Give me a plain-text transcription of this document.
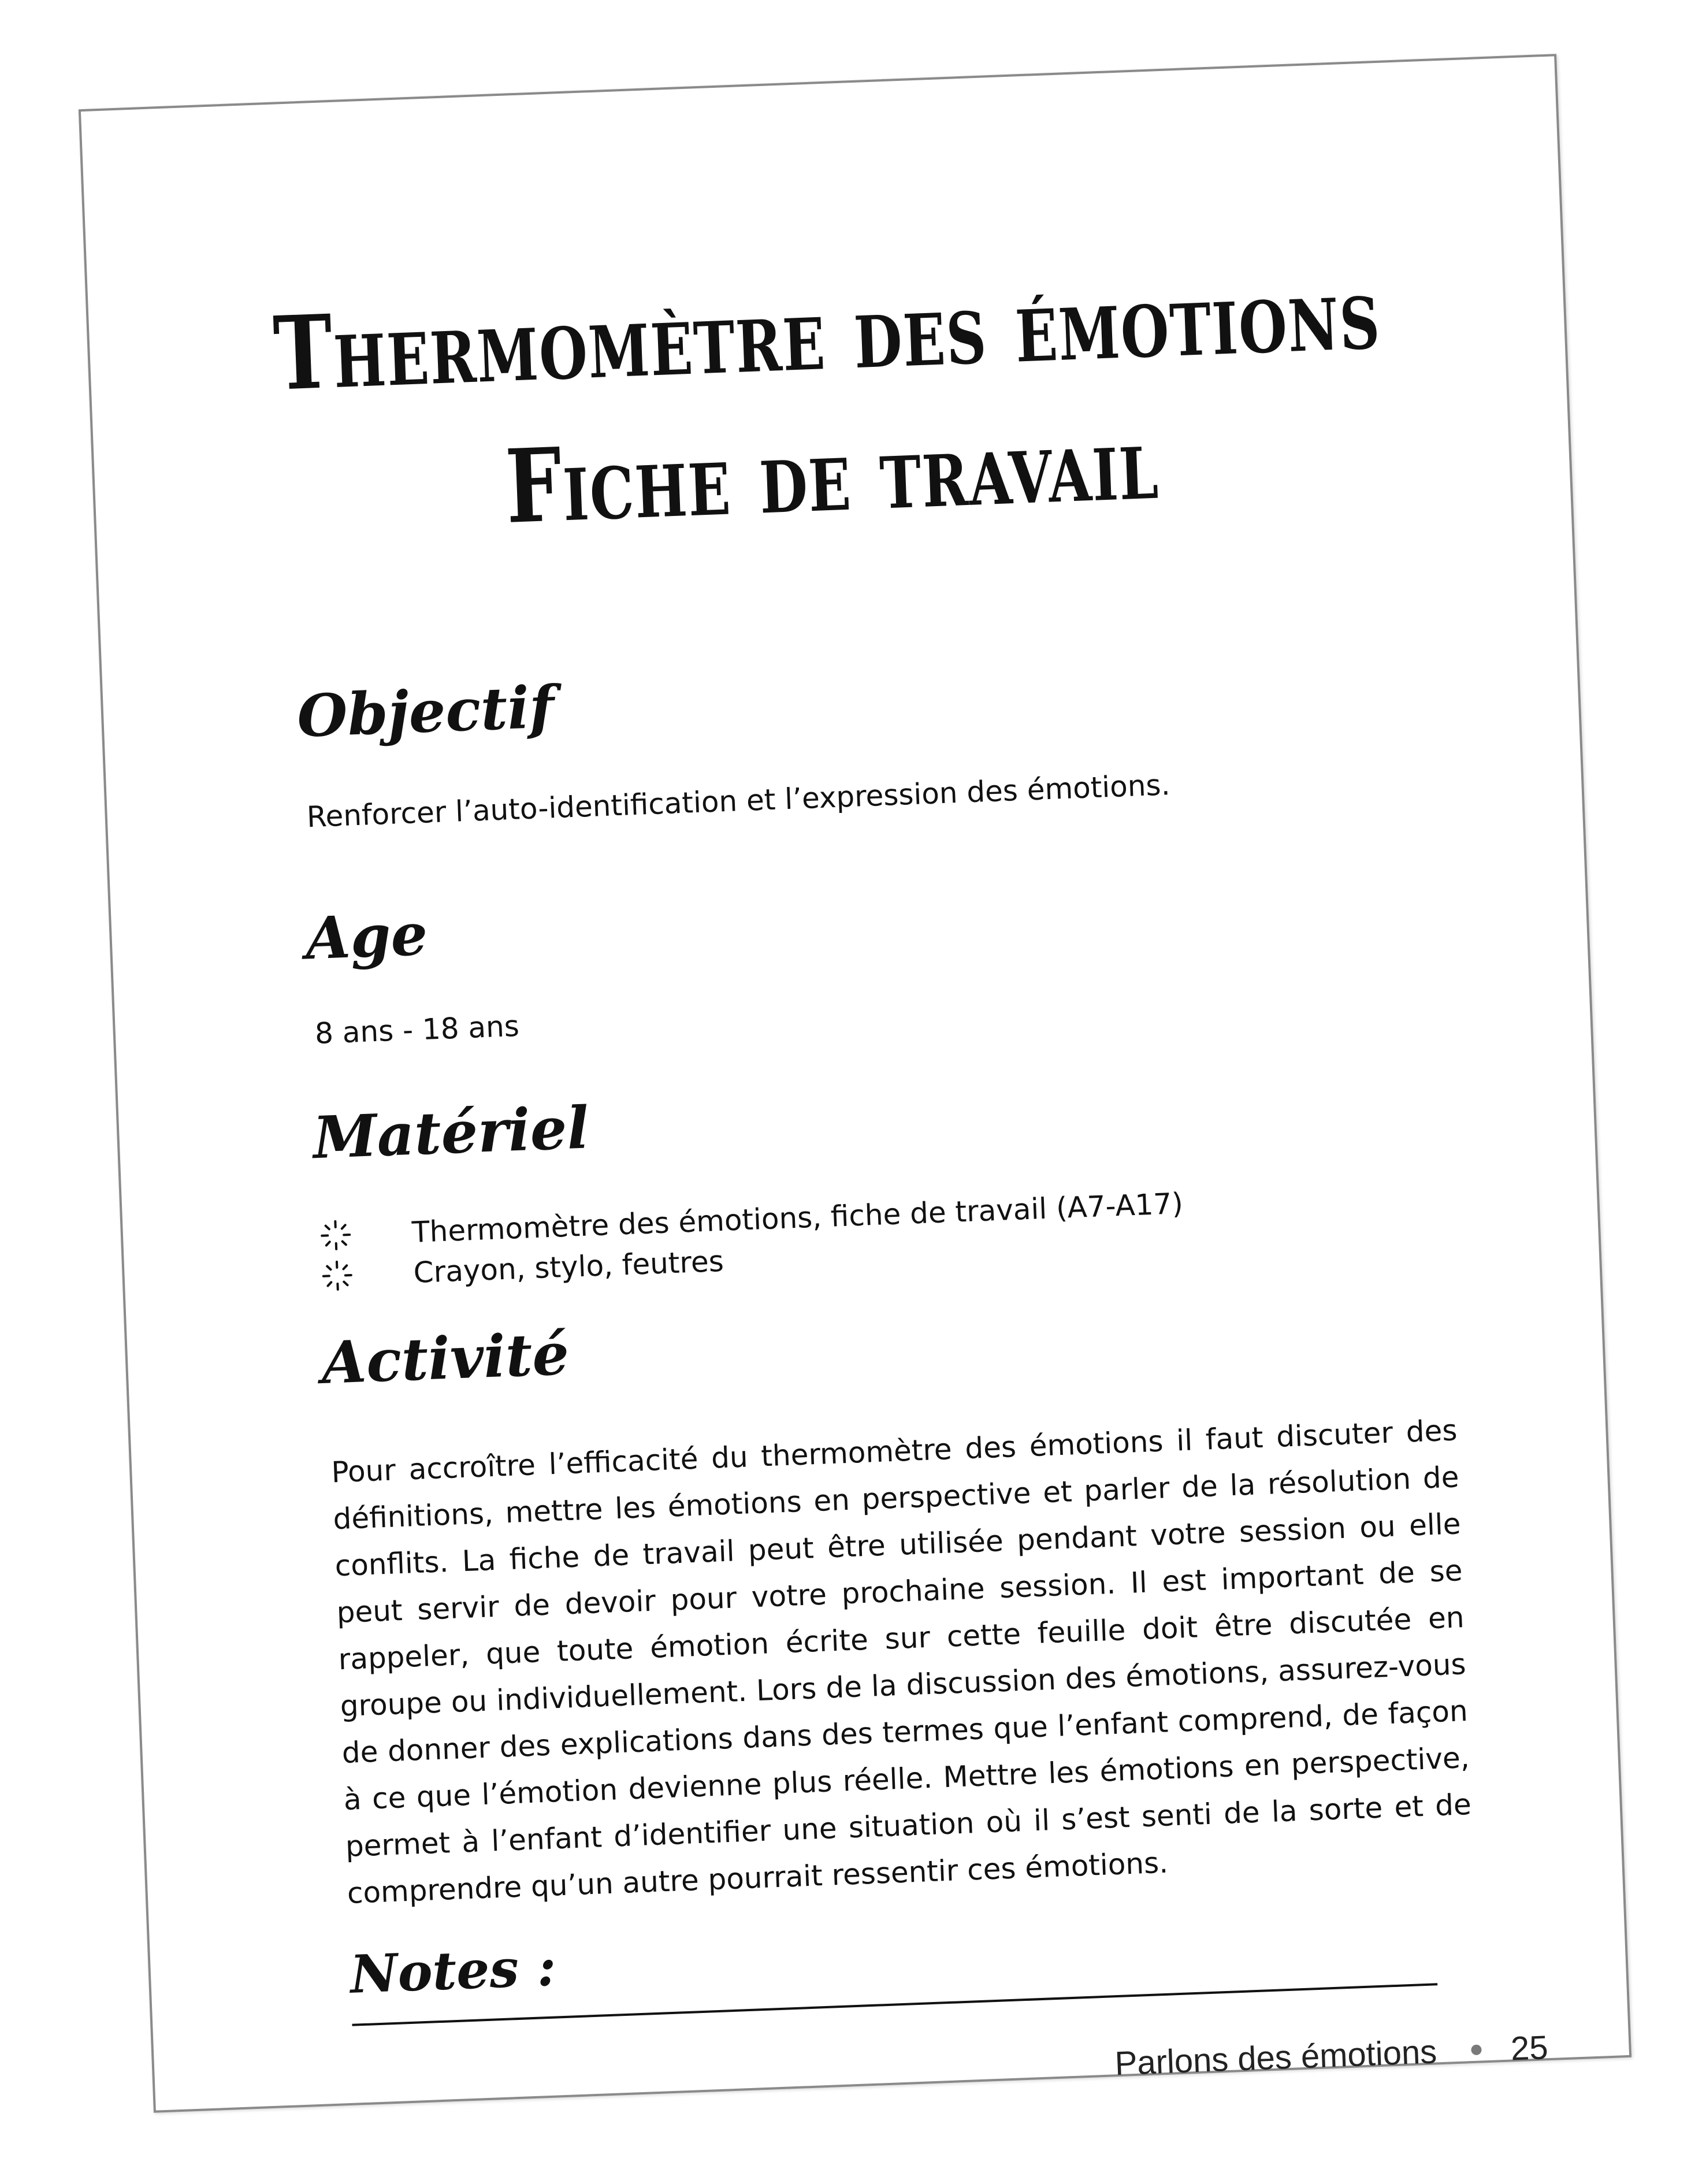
Thermomètre des émotions
Fiche de travail
Objectif

Renforcer l’auto-identification et l’expression des émotions.

Age

8 ans - 18 ans

Matériel
Thermomètre des émotions, fiche de travail (A7-A17)
Crayon, stylo, feutres
Activité

Pour accroître l’efficacité du thermomètre des émotions il faut discuter des définitions, mettre les émotions en perspective et parler de la résolution de conflits. La fiche de travail peut être utilisée pendant votre session ou elle peut servir de devoir pour votre prochaine session. Il est important de se rappeler, que toute émotion écrite sur cette feuille doit être discutée en groupe ou individuellement. Lors de la discussion des émotions, assurez-vous de donner des explications dans des termes que l’enfant comprend, de façon à ce que l’émotion devienne plus réelle. Mettre les émotions en perspective, permet à l’enfant d’identifier une situation où il s’est senti de la sorte et de comprendre qu’un autre pourrait ressentir ces émotions.

Notes :
Parlons des émotions 25
